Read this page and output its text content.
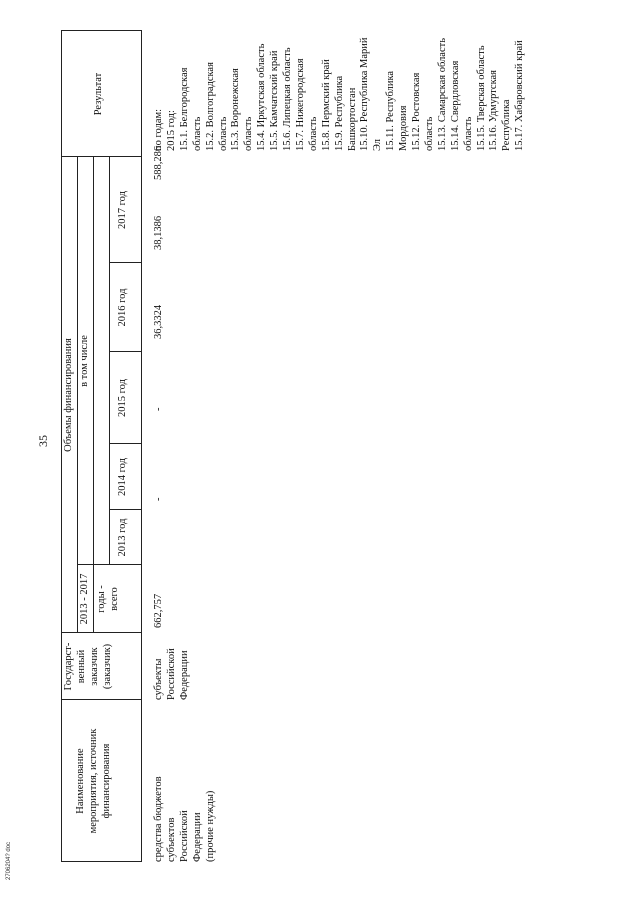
35
2706204? doc
Наименование мероприятия, источник финансирования
Государст- венный заказчик (заказчик)
Объемы финансирования
2013 - 2017 годы - всего
в том числе
2013 год
2014 год
2015 год
2016 год
2017 год
Результат
средства бюджетов субъектов Российской Федерации (прочие нужды)
субъекты Российской Федерации
662,757
-
-
36,3324
38,1386
588,286
по годам: 2015 год: 15.1. Белгородская область 15.2. Волгоградская область 15.3. Воронежская область 15.4. Иркутская область 15.5. Камчатский край 15.6. Липецкая область 15.7. Нижегородская область 15.8. Пермский край 15.9. Республика Башкортостан 15.10. Республика Марий Эл 15.11. Республика Мордовия 15.12. Ростовская область 15.13. Самарская область 15.14. Свердловская область 15.15. Тверская область 15.16. Удмуртская Республика 15.17. Хабаровский край
